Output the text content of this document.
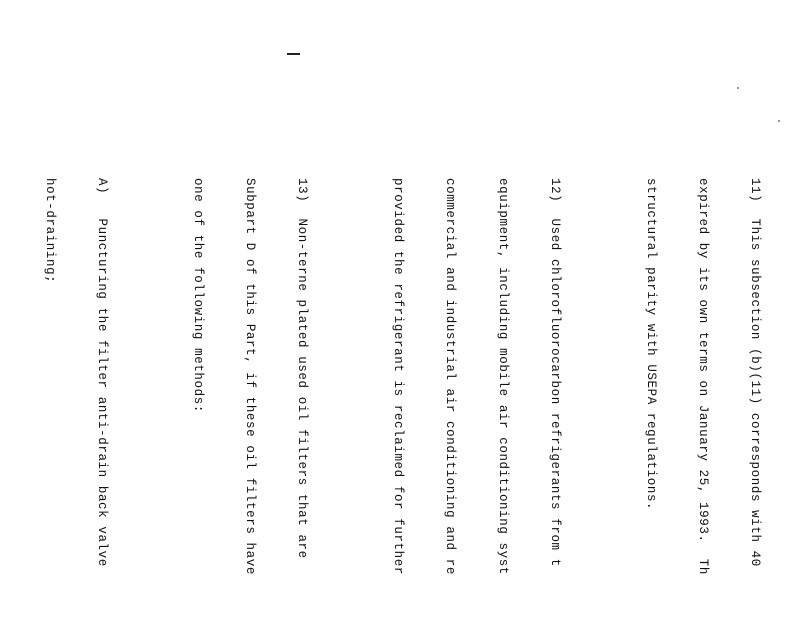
11)  This subsection (b)(11) corresponds with 40

expired by its own terms on January 25, 1993.  Th

structural parity with USEPA regulations.

12)  Used chlorofluorocarbon refrigerants from t

equipment, including mobile air conditioning syst

commercial and industrial air conditioning and re

provided the refrigerant is reclaimed for further

13)  Non-terne plated used oil filters that are

Subpart D of this Part, if these oil filters have

one of the following methods:

A)   Puncturing the filter anti-drain back valve

hot-draining;
